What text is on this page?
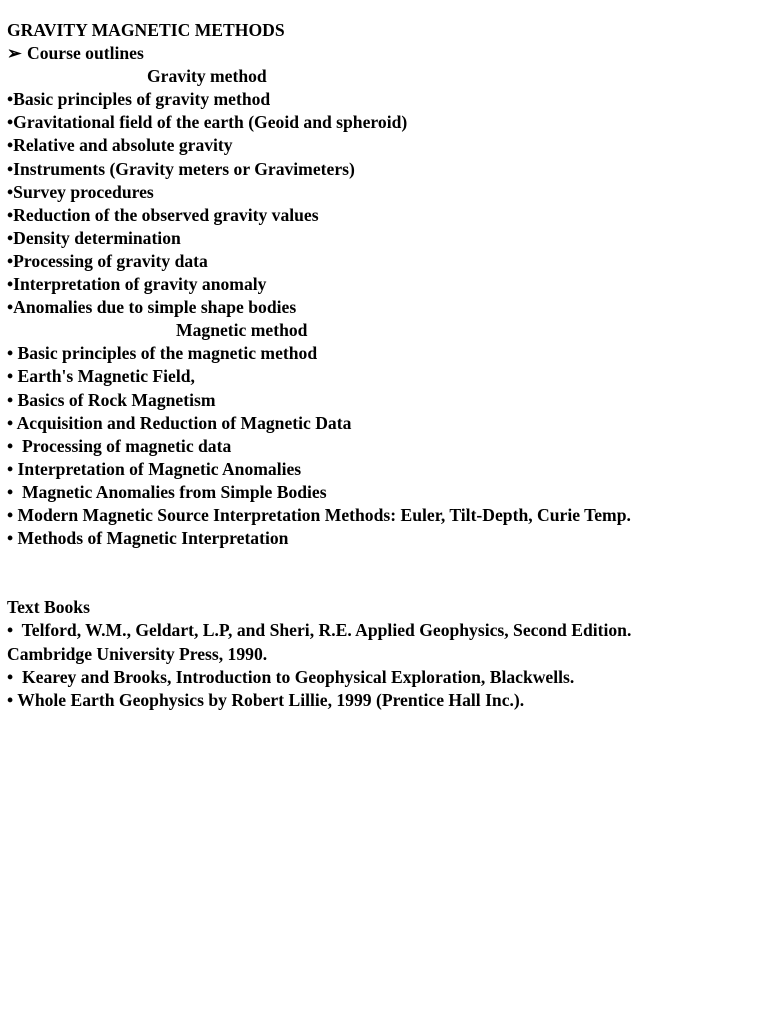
GRAVITY MAGNETIC METHODS
➢ Course outlines
Gravity method
•Basic principles of gravity method
•Gravitational field of the earth (Geoid and spheroid)
•Relative and absolute gravity
•Instruments (Gravity meters or Gravimeters)
•Survey procedures
•Reduction of the observed gravity values
•Density determination
•Processing of gravity data
•Interpretation of gravity anomaly
•Anomalies due to simple shape bodies
Magnetic method
• Basic principles of the magnetic method
• Earth's Magnetic Field,
• Basics of Rock Magnetism
• Acquisition and Reduction of Magnetic Data
•  Processing of magnetic data
• Interpretation of Magnetic Anomalies
•  Magnetic Anomalies from Simple Bodies
• Modern Magnetic Source Interpretation Methods: Euler, Tilt-Depth, Curie Temp.
• Methods of Magnetic Interpretation
Text Books
•  Telford, W.M., Geldart, L.P, and Sheri, R.E. Applied Geophysics, Second Edition.
Cambridge University Press, 1990.
•  Kearey and Brooks, Introduction to Geophysical Exploration, Blackwells.
• Whole Earth Geophysics by Robert Lillie, 1999 (Prentice Hall Inc.).
